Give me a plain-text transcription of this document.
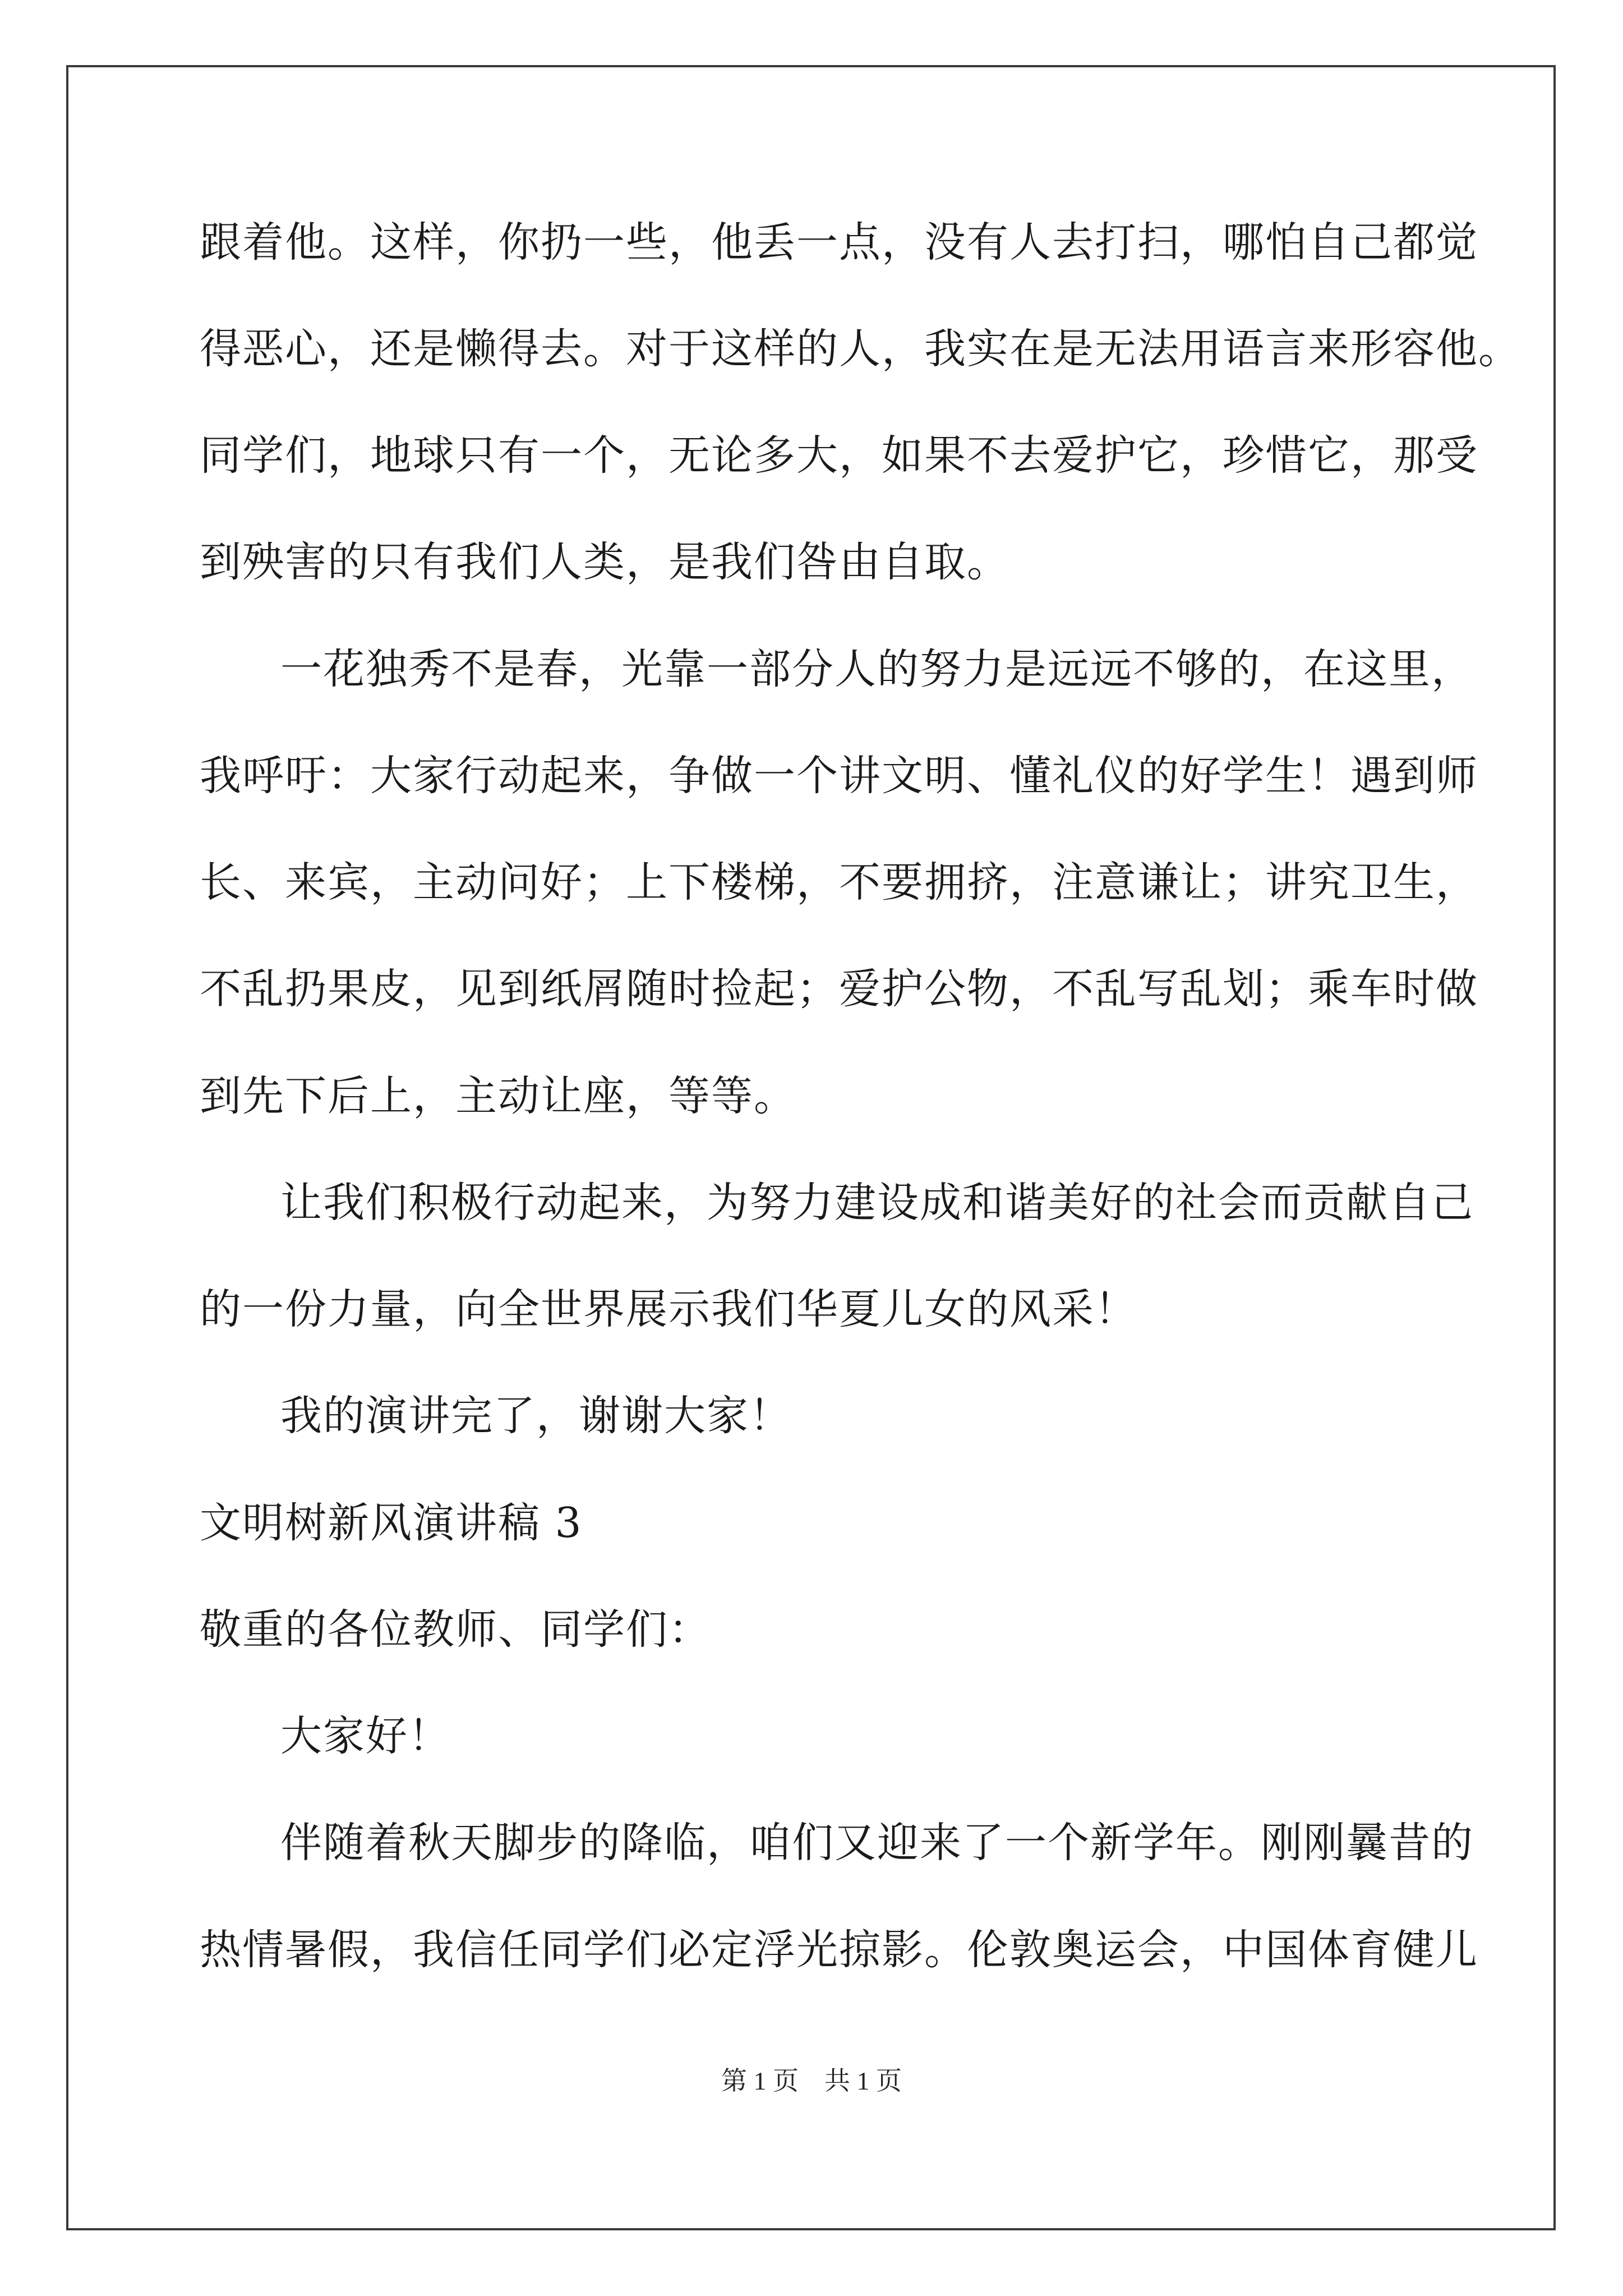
跟着他。这样，你扔一些，他丢一点，没有人去打扫，哪怕自己都觉
得恶心，还是懒得去。对于这样的人，我实在是无法用语言来形容他。
同学们，地球只有一个，无论多大，如果不去爱护它，珍惜它，那受
到殃害的只有我们人类，是我们咎由自取。
一花独秀不是春，光靠一部分人的努力是远远不够的，在这里，
我呼吁：大家行动起来，争做一个讲文明、懂礼仪的好学生！遇到师
长、来宾，主动问好；上下楼梯，不要拥挤，注意谦让；讲究卫生，
不乱扔果皮，见到纸屑随时捡起；爱护公物，不乱写乱划；乘车时做
到先下后上，主动让座，等等。
让我们积极行动起来，为努力建设成和谐美好的社会而贡献自己
的一份力量，向全世界展示我们华夏儿女的风采！
我的演讲完了，谢谢大家！
文明树新风演讲稿 3
敬重的各位教师、同学们：
大家好！
伴随着秋天脚步的降临，咱们又迎来了一个新学年。刚刚曩昔的
热情暑假，我信任同学们必定浮光掠影。伦敦奥运会，中国体育健儿
第 1 页　共 1 页
